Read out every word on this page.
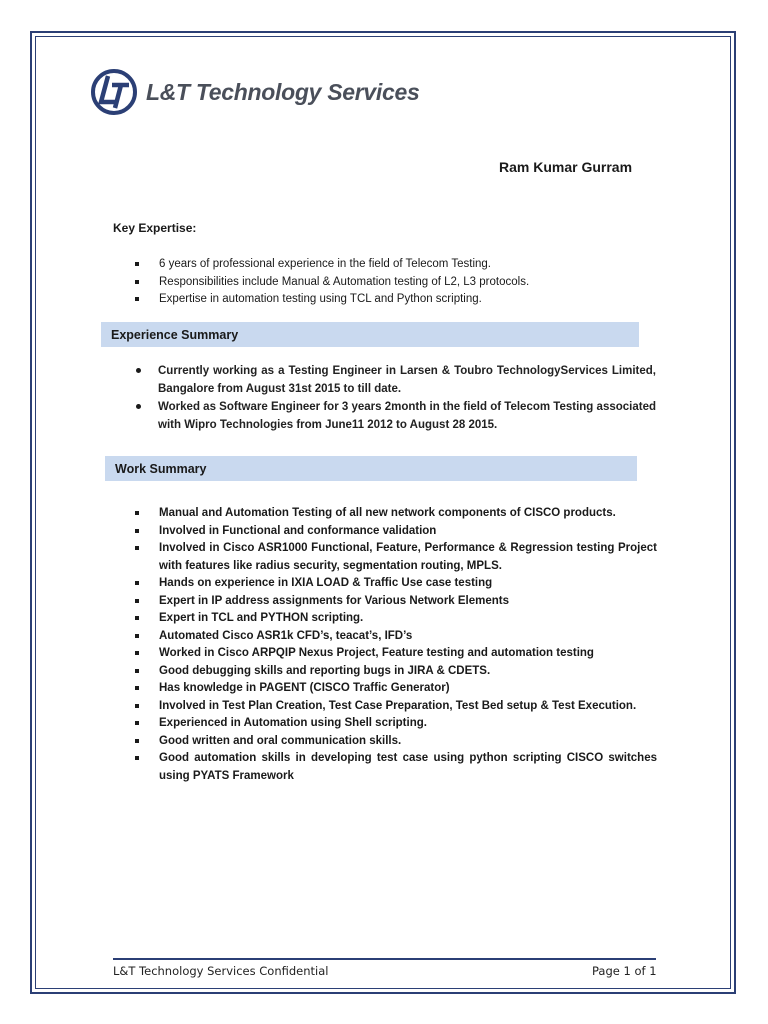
L&T Technology Services
Ram Kumar Gurram
Key Expertise:
6 years of professional experience in the field of Telecom Testing.
Responsibilities include Manual & Automation testing of L2, L3 protocols.
Expertise in automation testing using TCL and Python scripting.
Experience Summary
Currently working as a Testing Engineer in Larsen & Toubro TechnologyServices Limited, Bangalore from August 31st 2015 to till date.
Worked as Software Engineer for 3 years 2month in the field of Telecom Testing associated with Wipro Technologies from June11 2012 to August 28 2015.
Work Summary
Manual and Automation Testing of all new network components of CISCO products.
Involved in Functional and conformance validation
Involved in Cisco ASR1000 Functional, Feature, Performance & Regression testing Project with features like radius security, segmentation routing, MPLS.
Hands on experience in IXIA LOAD & Traffic Use case testing
Expert in IP address assignments for Various Network Elements
Expert in TCL and PYTHON scripting.
Automated Cisco ASR1k CFD’s, teacat’s, IFD’s
Worked in Cisco ARPQIP Nexus Project, Feature testing and automation testing
Good debugging skills and reporting bugs in JIRA & CDETS.
Has knowledge in PAGENT (CISCO Traffic Generator)
Involved in Test Plan Creation, Test Case Preparation, Test Bed setup & Test Execution.
Experienced in Automation using Shell scripting.
Good written and oral communication skills.
Good automation skills in developing test case using python scripting CISCO switches using PYATS Framework
L&T Technology Services Confidential	Page 1 of 1
